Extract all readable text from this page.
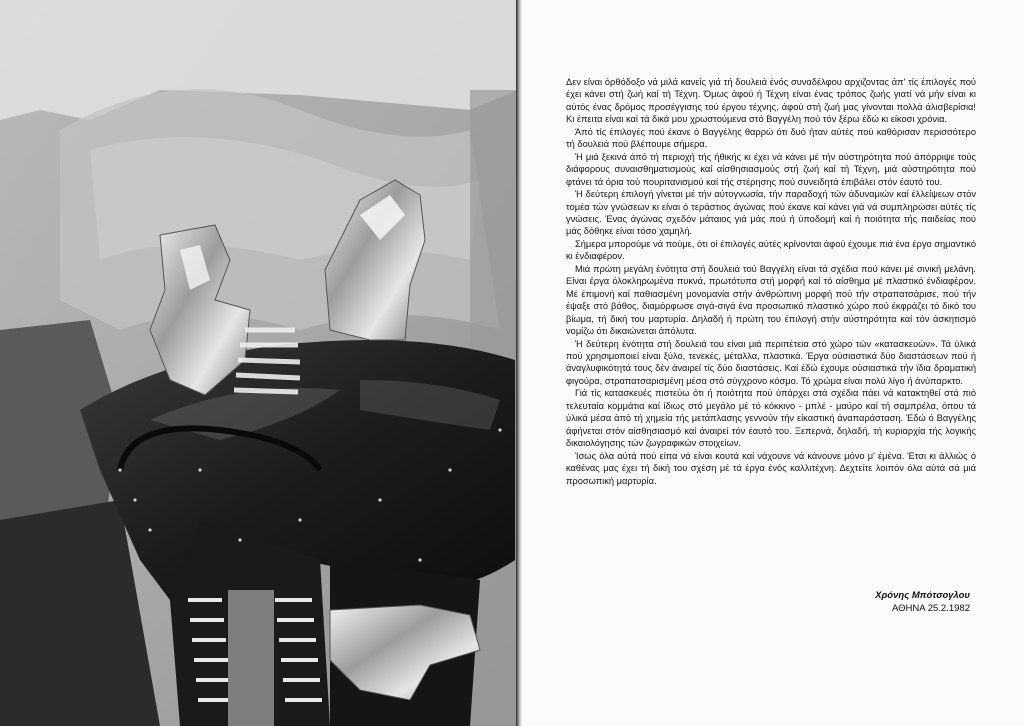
Δεν είναι όρθόδοξο νά μιλά κανείς γιά τή δουλειά ένός συναδέλφου αρχιζοντας άπ' τίς έπιλογές πού έχει κάνει στή ζωή καί τή Τέχνη. Όμως άφού ή Τέχνη είναι ένας τρόπος ζωής γιατί νά μήν είναι κι αύτός ένας δρόμος προσέγγισης τού έργου τέχνης, άφού στή ζωή μας γίνονται πολλά άλισβερίσια! Κι έπειτα είναι καί τά δικά μου χρωστούμενα στό Βαγγέλη πού τόν ξέρω έδώ κι είκοσι χρόνια.

Άπό τίς έπιλογές πού έκανε ό Βαγγέλης θαρρώ ότι δυό ήταν αύτές πού καθόρισαν περισσότερο τή δουλειά πού βλέπουμε σήμερα.

Ή μιά ξεκινά άπό τή περιοχή τής ήθικής κι έχει νά κάνει μέ τήν αύστηρότητα πού άπόρριψε τούς διάφορους συναισθηματισμούς καί αίσθησιασμούς στή ζωή καί τή Τέχνη, μιά αύστηρότητα πού φτάνει τά όρια τού πουριτανισμού καί τής στέρησης πού συνειδητά έπιβάλει στόν έαυτό του.

Ή δεύτερη έπιλογή γίνεται μέ τήν αύτογνωσία, τήν παραδοχή τών άδυναμιών καί έλλείψεων στόν τομέα τών γνώσεων κι είναι ό τεράστιος άγώνας πού έκανε καί κάνει γιά νά συμπληρώσει αύτές τίς γνώσεις. Ένας άγώνας σχεδόν μάταιος γιά μάς πού ή ύποδομή καί ή ποιότητα τής παιδείας πού μάς δόθηκε είναι τόσο χαμηλή.

Σήμερα μπορούμε νά πούμε, ότι οί έπιλογές αύτές κρίνονται άφού έχουμε πιά ένα έργο σημαντικό κι ένδιαφέρον.

Μιά πρώτη μεγάλη ένότητα στή δουλειά τού Βαγγέλη είναι τά σχέδια πού κάνει μέ σινική μελάνη. Είναι έργα όλοκληρωμένα πυκνά, πρωτότυπα στή μορφή καί τό αίσθημα μέ πλαστικό ένδιαφέρον. Μέ έπιμονή καί παθιασμένη μονομανία στήν άνθρώπινη μορφή πού τήν στραπατσάρισε, πού τήν έψαξε στό βάθος, διαμόρφωσε σιγά-σιγά ένα προσωπικό πλαστικό χώρο πού έκφράζει τό δικό του βίωμα, τή δική του μαρτυρία. Δηλαδή ή πρώτη του έπιλογή στήν αύστηρότητα καί τόν άσκητισμό νομίζω ότι δικαιώνεται άπόλυτα.

Ή δεύτερη ένότητα στή δουλειά του είναι μιά περιπέτεια στό χώρο τών «κατασκευών». Τά ύλικά πού χρησιμοποιεί είναι ξύλο, τενεκές, μέταλλα, πλαστικά. Έργα ούσιαστικά δύο διαστάσεων πού ή άναγλυφικότητά τους δέν άναιρεί τίς δύο διαστάσεις. Καί έδώ έχουμε ούσιαστικά τήν ϊδια δραματική φιγούρα, στραπατσαρισμένη μέσα στό σύγχρονο κόσμο. Τό χρώμα είναι πολύ λίγο ή άνύπαρκτο.

Γιά τίς κατασκευές πιστεύω ότι ή ποιότητα πού ύπάρχει στά σχέδια πάει νά κατακτηθεί στά πιό τελευταία κομμάτια καί ίδιως στό μεγάλο μέ τό κόκκινο - μπλέ - μαύρο καί τή σαμπρέλα, όπου τά ύλικά μέσα άπό τή χημεία τής μετάπλασης γεννούν τήν είκαστική άναπαράσταση. Έδώ ό Βαγγέλης άφήνεται στόν αίσθησιασμό καί άναιρεί τόν έαυτό του. Ξεπερνά, δηλαδή, τή κυριαρχία τής λογικής δικαιολόγησης τών ζωγραφικών στοιχείων.

Ίσως όλα αύτά πού είπα νά είναι κουτά καί νάχουνε νά κάνουνε μόνο μ' έμένα. Έτσι κι άλλιώς ό καθένας μας έχει τή δική του σχέση μέ τά έργα ένός καλλιτέχνη. Δεχτείτε λοιπόν όλα αύτά σά μιά προσωπική μαρτυρία.

Χρόνης Μπότσογλου
ΑΘΗΝΑ 25.2.1982
